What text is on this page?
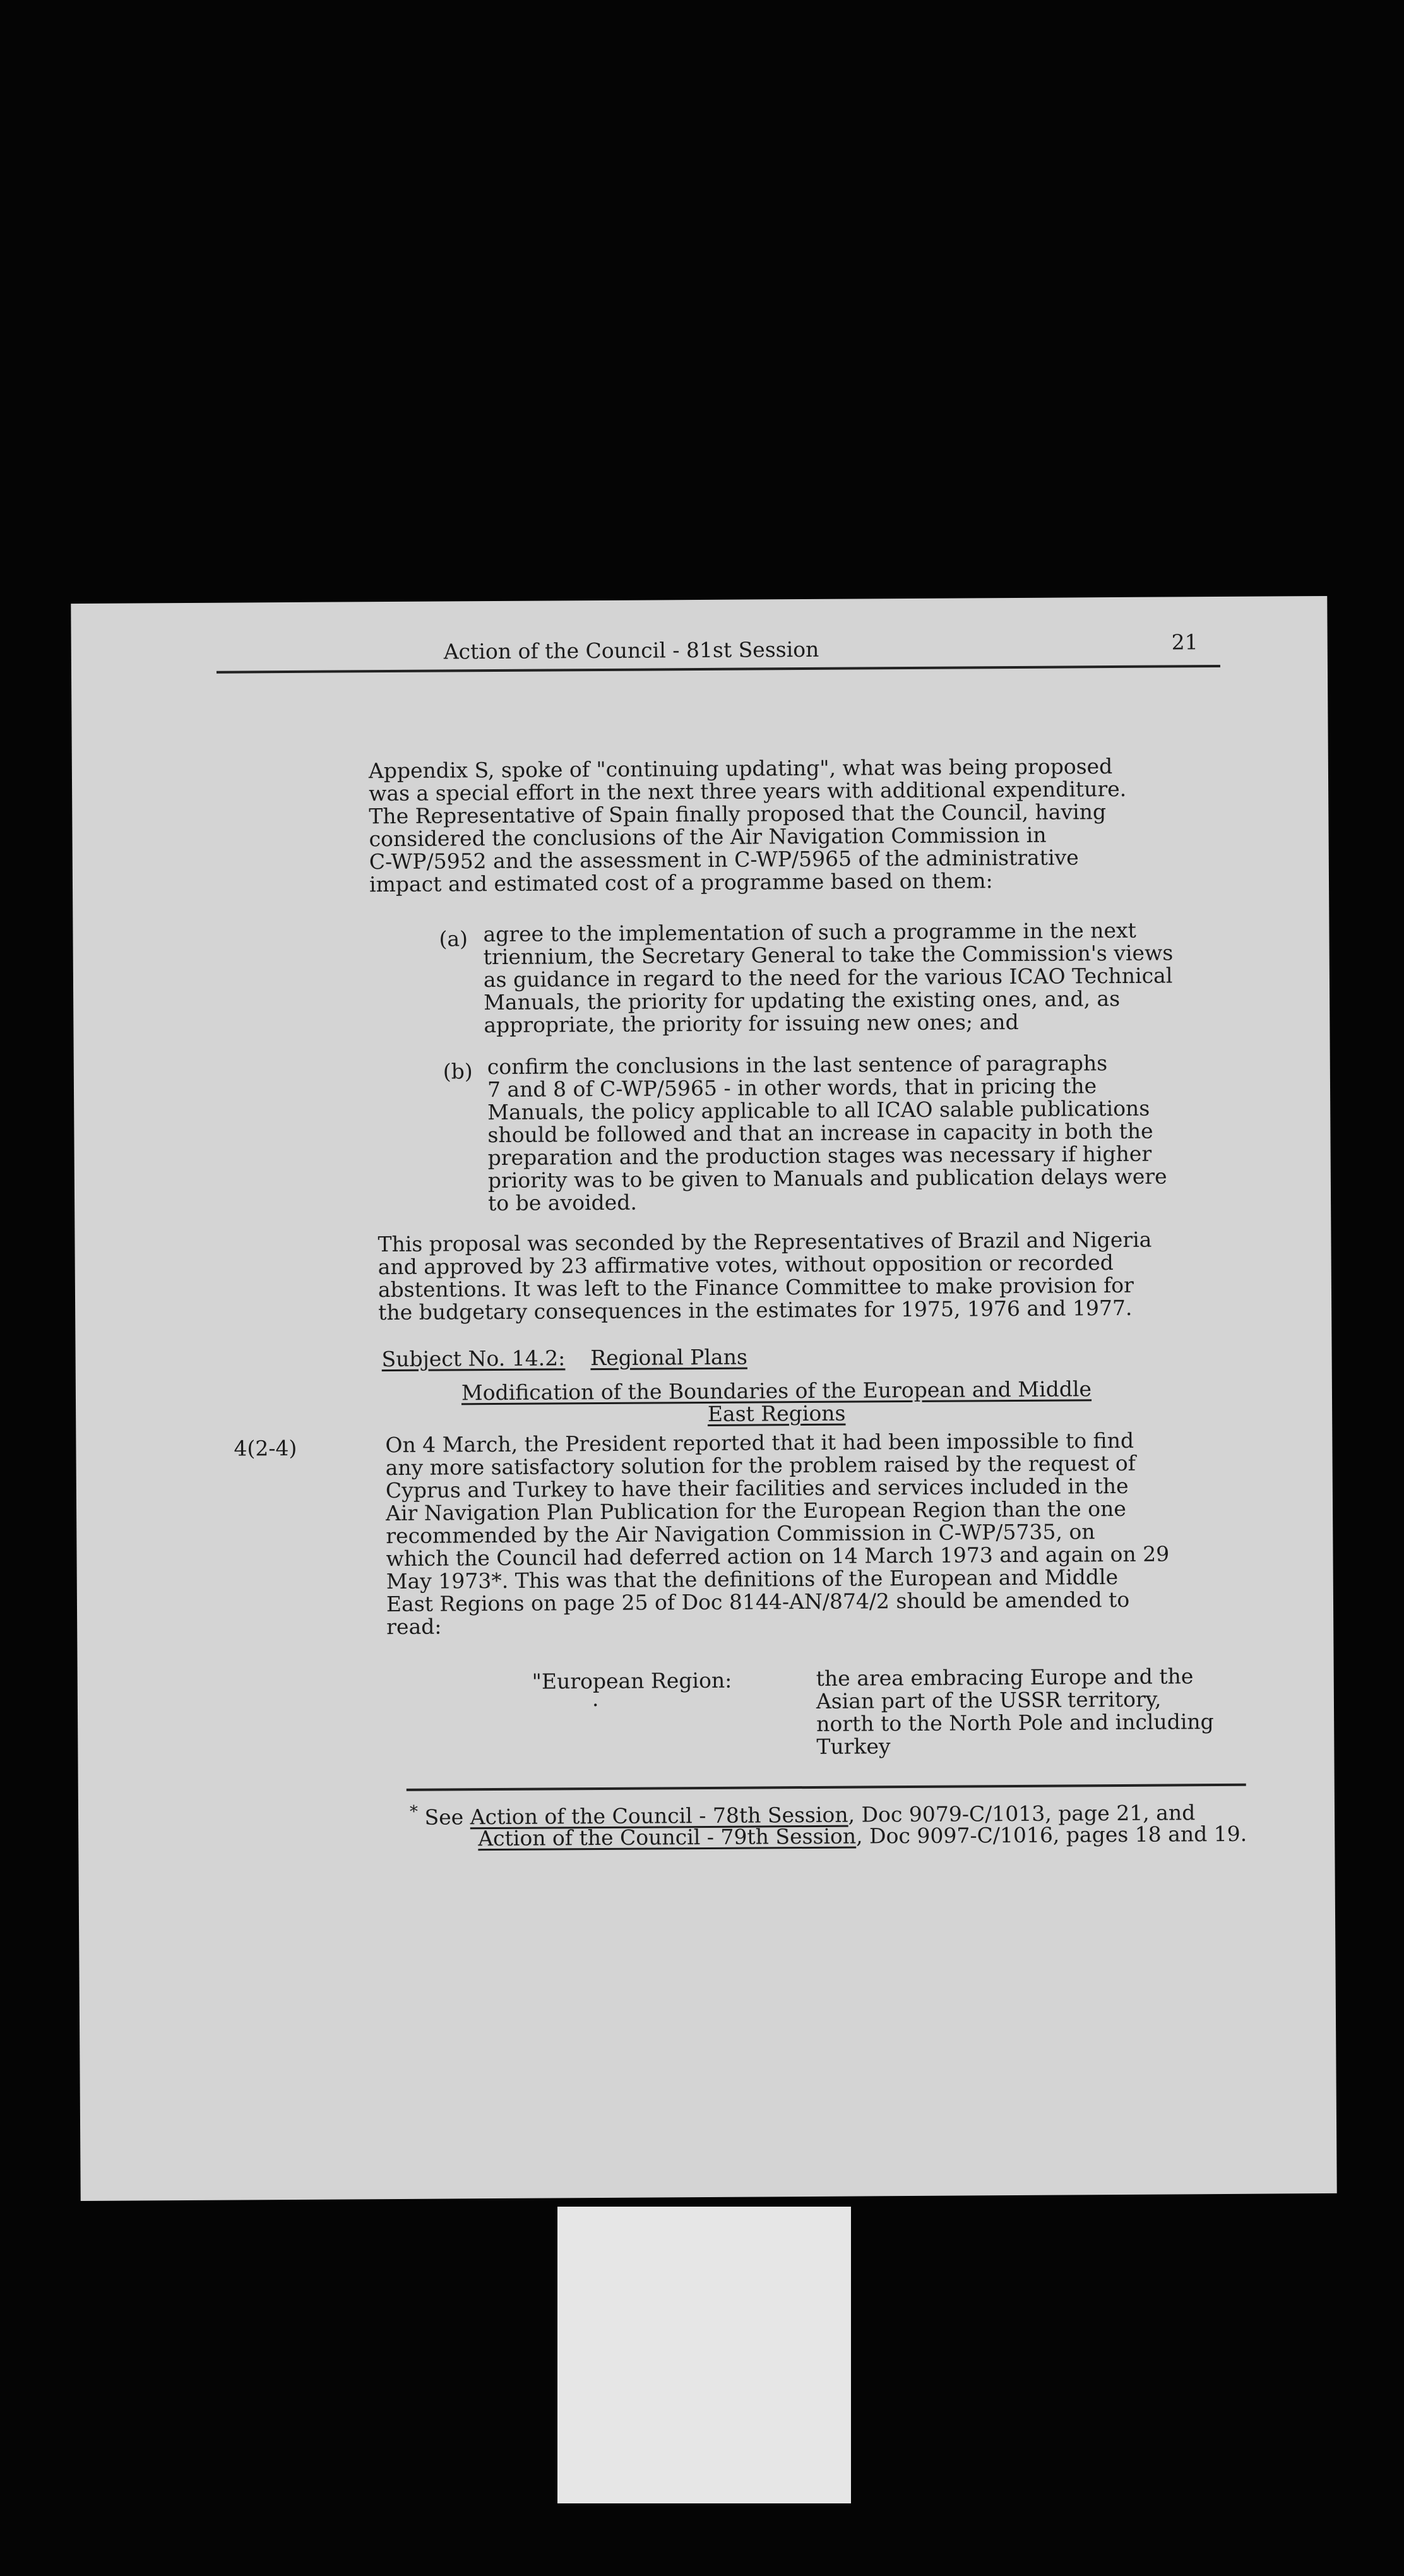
Action of the Council - 81st Session	21
Appendix S, spoke of "continuing updating", what was being proposed
was a special effort in the next three years with additional expenditure.
The Representative of Spain finally proposed that the Council, having
considered the conclusions of the Air Navigation Commission in
C-WP/5952 and the assessment in C-WP/5965 of the administrative
impact and estimated cost of a programme based on them:
(a) agree to the implementation of such a programme in the next
triennium, the Secretary General to take the Commission's views
as guidance in regard to the need for the various ICAO Technical
Manuals, the priority for updating the existing ones, and, as
appropriate, the priority for issuing new ones; and
(b) confirm the conclusions in the last sentence of paragraphs
7 and 8 of C-WP/5965 - in other words, that in pricing the
Manuals, the policy applicable to all ICAO salable publications
should be followed and that an increase in capacity in both the
preparation and the production stages was necessary if higher
priority was to be given to Manuals and publication delays were
to be avoided.
This proposal was seconded by the Representatives of Brazil and Nigeria
and approved by 23 affirmative votes, without opposition or recorded
abstentions. It was left to the Finance Committee to make provision for
the budgetary consequences in the estimates for 1975, 1976 and 1977.
Subject No. 14.2: Regional Plans
Modification of the Boundaries of the European and Middle
East Regions
4(2-4)	On 4 March, the President reported that it had been impossible to find
any more satisfactory solution for the problem raised by the request of
Cyprus and Turkey to have their facilities and services included in the
Air Navigation Plan Publication for the European Region than the one
recommended by the Air Navigation Commission in C-WP/5735, on
which the Council had deferred action on 14 March 1973 and again on 29
May 1973*. This was that the definitions of the European and Middle
East Regions on page 25 of Doc 8144-AN/874/2 should be amended to
read:
"European Region:
.
the area embracing Europe and the
Asian part of the USSR territory,
north to the North Pole and including
Turkey
* See Action of the Council - 78th Session, Doc 9079-C/1013, page 21, and
Action of the Council - 79th Session, Doc 9097-C/1016, pages 18 and 19.
